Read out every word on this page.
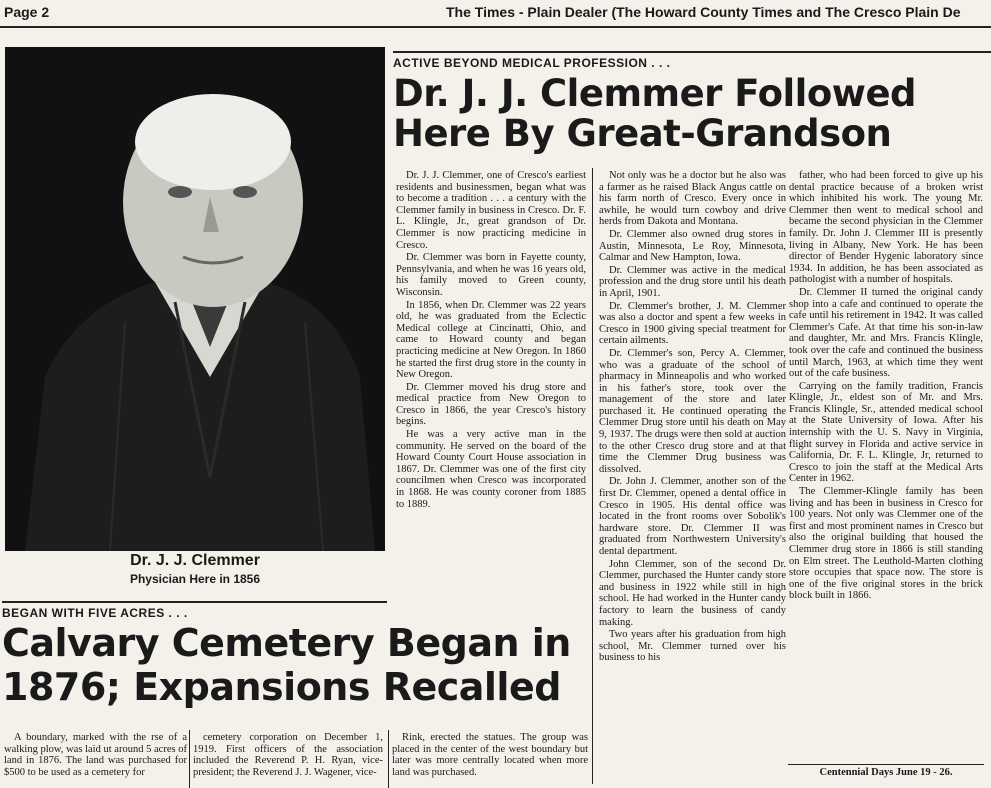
Page 2	The Times - Plain Dealer (The Howard County Times and The Cresco Plain De
Dr. J. J. Clemmer
Physician Here in 1856
ACTIVE BEYOND MEDICAL PROFESSION . . .
Dr. J. J. Clemmer Followed Here By Great-Grandson

Dr. J. J. Clemmer, one of Cresco's earliest residents and businessmen, began what was to become a tradition . . . a century with the Clemmer family in business in Cresco. Dr. F. L. Klingle, Jr., great grandson of Dr. Clemmer is now practicing medicine in Cresco.

Dr. Clemmer was born in Fayette county, Pennsylvania, and when he was 16 years old, his family moved to Green county, Wisconsin.

In 1856, when Dr. Clemmer was 22 years old, he was graduated from the Eclectic Medical college at Cincinatti, Ohio, and came to Howard county and began practicing medicine at New Oregon. In 1860 he started the first drug store in the county in New Oregon.

Dr. Clemmer moved his drug store and medical practice from New Oregon to Cresco in 1866, the year Cresco's history begins.

He was a very active man in the community. He served on the board of the Howard County Court House association in 1867. Dr. Clemmer was one of the first city councilmen when Cresco was incorporated in 1868. He was county coroner from 1885 to 1889.

Not only was he a doctor but he also was a farmer as he raised Black Angus cattle on his farm north of Cresco. Every once in awhile, he would turn cowboy and drive herds from Dakota and Montana.

Dr. Clemmer also owned drug stores in Austin, Minnesota, Le Roy, Minnesota, Calmar and New Hampton, Iowa.

Dr. Clemmer was active in the medical profession and the drug store until his death in April, 1901.

Dr. Clemmer's brother, J. M. Clemmer was also a doctor and spent a few weeks in Cresco in 1900 giving special treatment for certain ailments.

Dr. Clemmer's son, Percy A. Clemmer, who was a graduate of the school of pharmacy in Minneapolis and who worked in his father's store, took over the management of the store and later purchased it. He continued operating the Clemmer Drug store until his death on May 9, 1937. The drugs were then sold at auction to the other Cresco drug store and at that time the Clemmer Drug business was dissolved.

Dr. John J. Clemmer, another son of the first Dr. Clemmer, opened a dental office in Cresco in 1905. His dental office was located in the front rooms over Sobolik's hardware store. Dr. Clemmer II was graduated from Northwestern University's dental department.

John Clemmer, son of the second Dr. Clemmer, purchased the Hunter candy store and business in 1922 while still in high school. He had worked in the Hunter candy factory to learn the business of candy making.

Two years after his graduation from high school, Mr. Clemmer turned over his business to his

father, who had been forced to give up his dental practice because of a broken wrist which inhibited his work. The young Mr. Clemmer then went to medical school and became the second physician in the Clemmer family. Dr. John J. Clemmer III is presently living in Albany, New York. He has been director of Bender Hygenic laboratory since 1934. In addition, he has been associated as pathologist with a number of hospitals.

Dr. Clemmer II turned the original candy shop into a cafe and continued to operate the cafe until his retirement in 1942. It was called Clemmer's Cafe. At that time his son-in-law and daughter, Mr. and Mrs. Francis Klingle, took over the cafe and continued the business until March, 1963, at which time they went out of the cafe business.

Carrying on the family tradition, Francis Klingle, Jr., eldest son of Mr. and Mrs. Francis Klingle, Sr., attended medical school at the State University of Iowa. After his internship with the U. S. Navy in Virginia, flight survey in Florida and active service in California, Dr. F. L. Klingle, Jr, returned to Cresco to join the staff at the Medical Arts Center in 1962.

The Clemmer-Klingle family has been living and has been in business in Cresco for 100 years. Not only was Clemmer one of the first and most prominent names in Cresco but also the original building that housed the Clemmer drug store in 1866 is still standing on Elm street. The Leuthold-Marten clothing store occupies that space now. The store is one of the five original stores in the brick block built in 1866.

Centennial Days June 19 - 26.
BEGAN WITH FIVE ACRES . . .
Calvary Cemetery Began in 1876; Expansions Recalled

A boundary, marked with the rse of a walking plow, was laid ut around 5 acres of land in 1876. The land was purchased for $500 to be used as a cemetery for

cemetery corporation on December 1, 1919. First officers of the association included the Reverend P. H. Ryan, vice-president; the Reverend J. J. Wagener, vice-

Rink, erected the statues. The group was placed in the center of the west boundary but later was more centrally located when more land was purchased.
